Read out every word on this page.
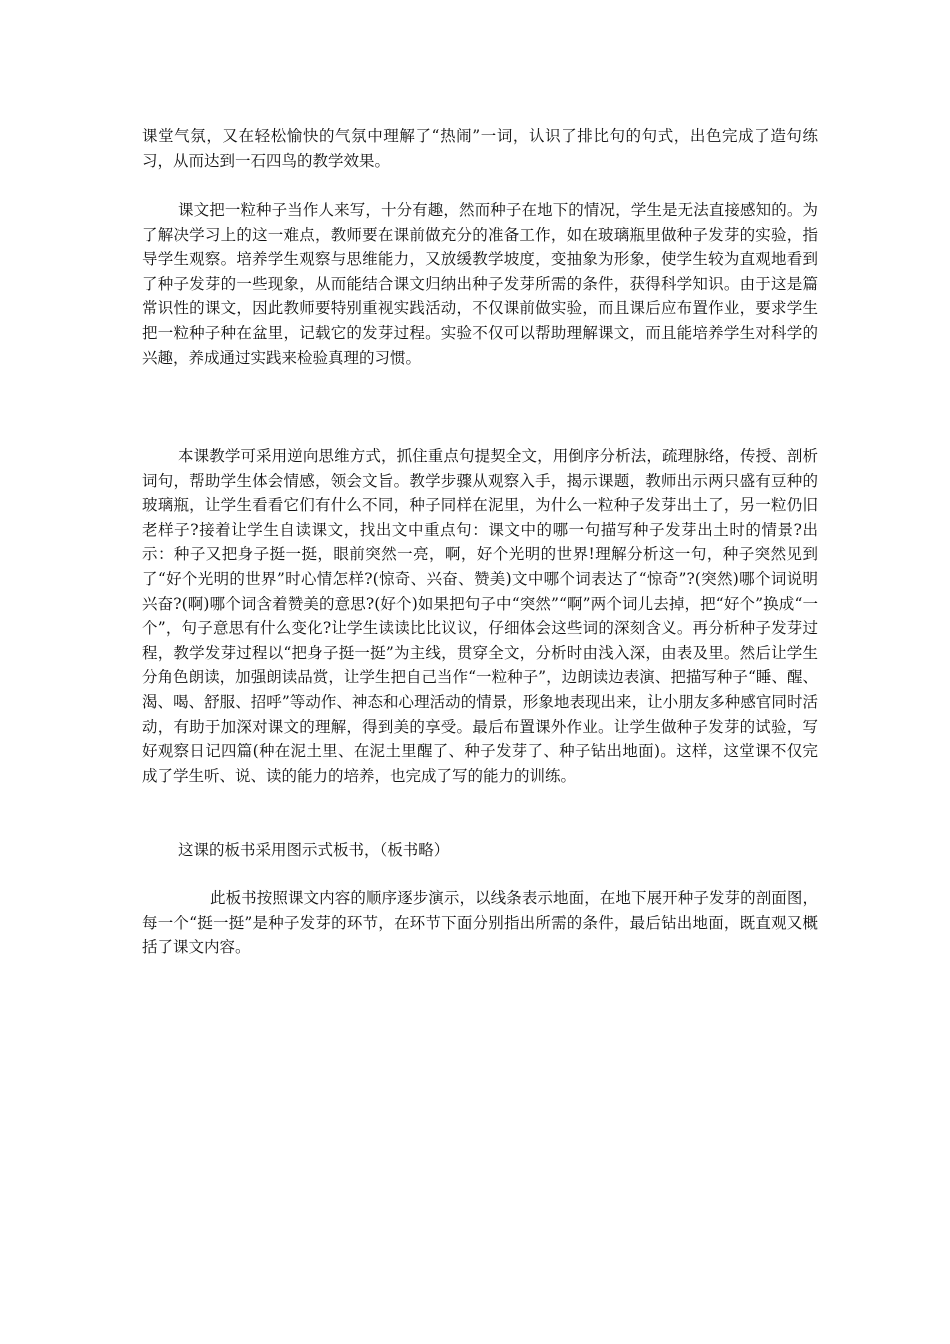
课堂气氛，又在轻松愉快的气氛中理解了“热闹”一词，认识了排比句的句式，出色完成了造句练习，从而达到一石四鸟的教学效果。

课文把一粒种子当作人来写，十分有趣，然而种子在地下的情况，学生是无法直接感知的。为了解决学习上的这一难点，教师要在课前做充分的准备工作，如在玻璃瓶里做种子发芽的实验，指导学生观察。培养学生观察与思维能力，又放缓教学坡度，变抽象为形象，使学生较为直观地看到了种子发芽的一些现象，从而能结合课文归纳出种子发芽所需的条件，获得科学知识。由于这是篇常识性的课文，因此教师要特别重视实践活动，不仅课前做实验，而且课后应布置作业，要求学生把一粒种子种在盆里，记载它的发芽过程。实验不仅可以帮助理解课文，而且能培养学生对科学的兴趣，养成通过实践来检验真理的习惯。

本课教学可采用逆向思维方式，抓住重点句提契全文，用倒序分析法，疏理脉络，传授、剖析词句，帮助学生体会情感，领会文旨。教学步骤从观察入手，揭示课题，教师出示两只盛有豆种的玻璃瓶，让学生看看它们有什么不同，种子同样在泥里，为什么一粒种子发芽出土了，另一粒仍旧老样子?接着让学生自读课文，找出文中重点句：课文中的哪一句描写种子发芽出土时的情景?出示：种子又把身子挺一挺，眼前突然一亮，啊，好个光明的世界!理解分析这一句，种子突然见到了“好个光明的世界”时心情怎样?(惊奇、兴奋、赞美)文中哪个词表达了“惊奇”?(突然)哪个词说明兴奋?(啊)哪个词含着赞美的意思?(好个)如果把句子中“突然”“啊”两个词儿去掉，把“好个”换成“一个”，句子意思有什么变化?让学生读读比比议议，仔细体会这些词的深刻含义。再分析种子发芽过程，教学发芽过程以“把身子挺一挺”为主线，贯穿全文，分析时由浅入深，由表及里。然后让学生分角色朗读，加强朗读品赏，让学生把自己当作“一粒种子”，边朗读边表演、把描写种子“睡、醒、渴、喝、舒服、招呼”等动作、神态和心理活动的情景，形象地表现出来，让小朋友多种感官同时活动，有助于加深对课文的理解，得到美的享受。最后布置课外作业。让学生做种子发芽的试验，写好观察日记四篇(种在泥土里、在泥土里醒了、种子发芽了、种子钻出地面)。这样，这堂课不仅完成了学生听、说、读的能力的培养，也完成了写的能力的训练。

这课的板书采用图示式板书，（板书略）

此板书按照课文内容的顺序逐步演示，以线条表示地面，在地下展开种子发芽的剖面图，每一个“挺一挺”是种子发芽的环节，在环节下面分别指出所需的条件，最后钻出地面，既直观又概括了课文内容。
